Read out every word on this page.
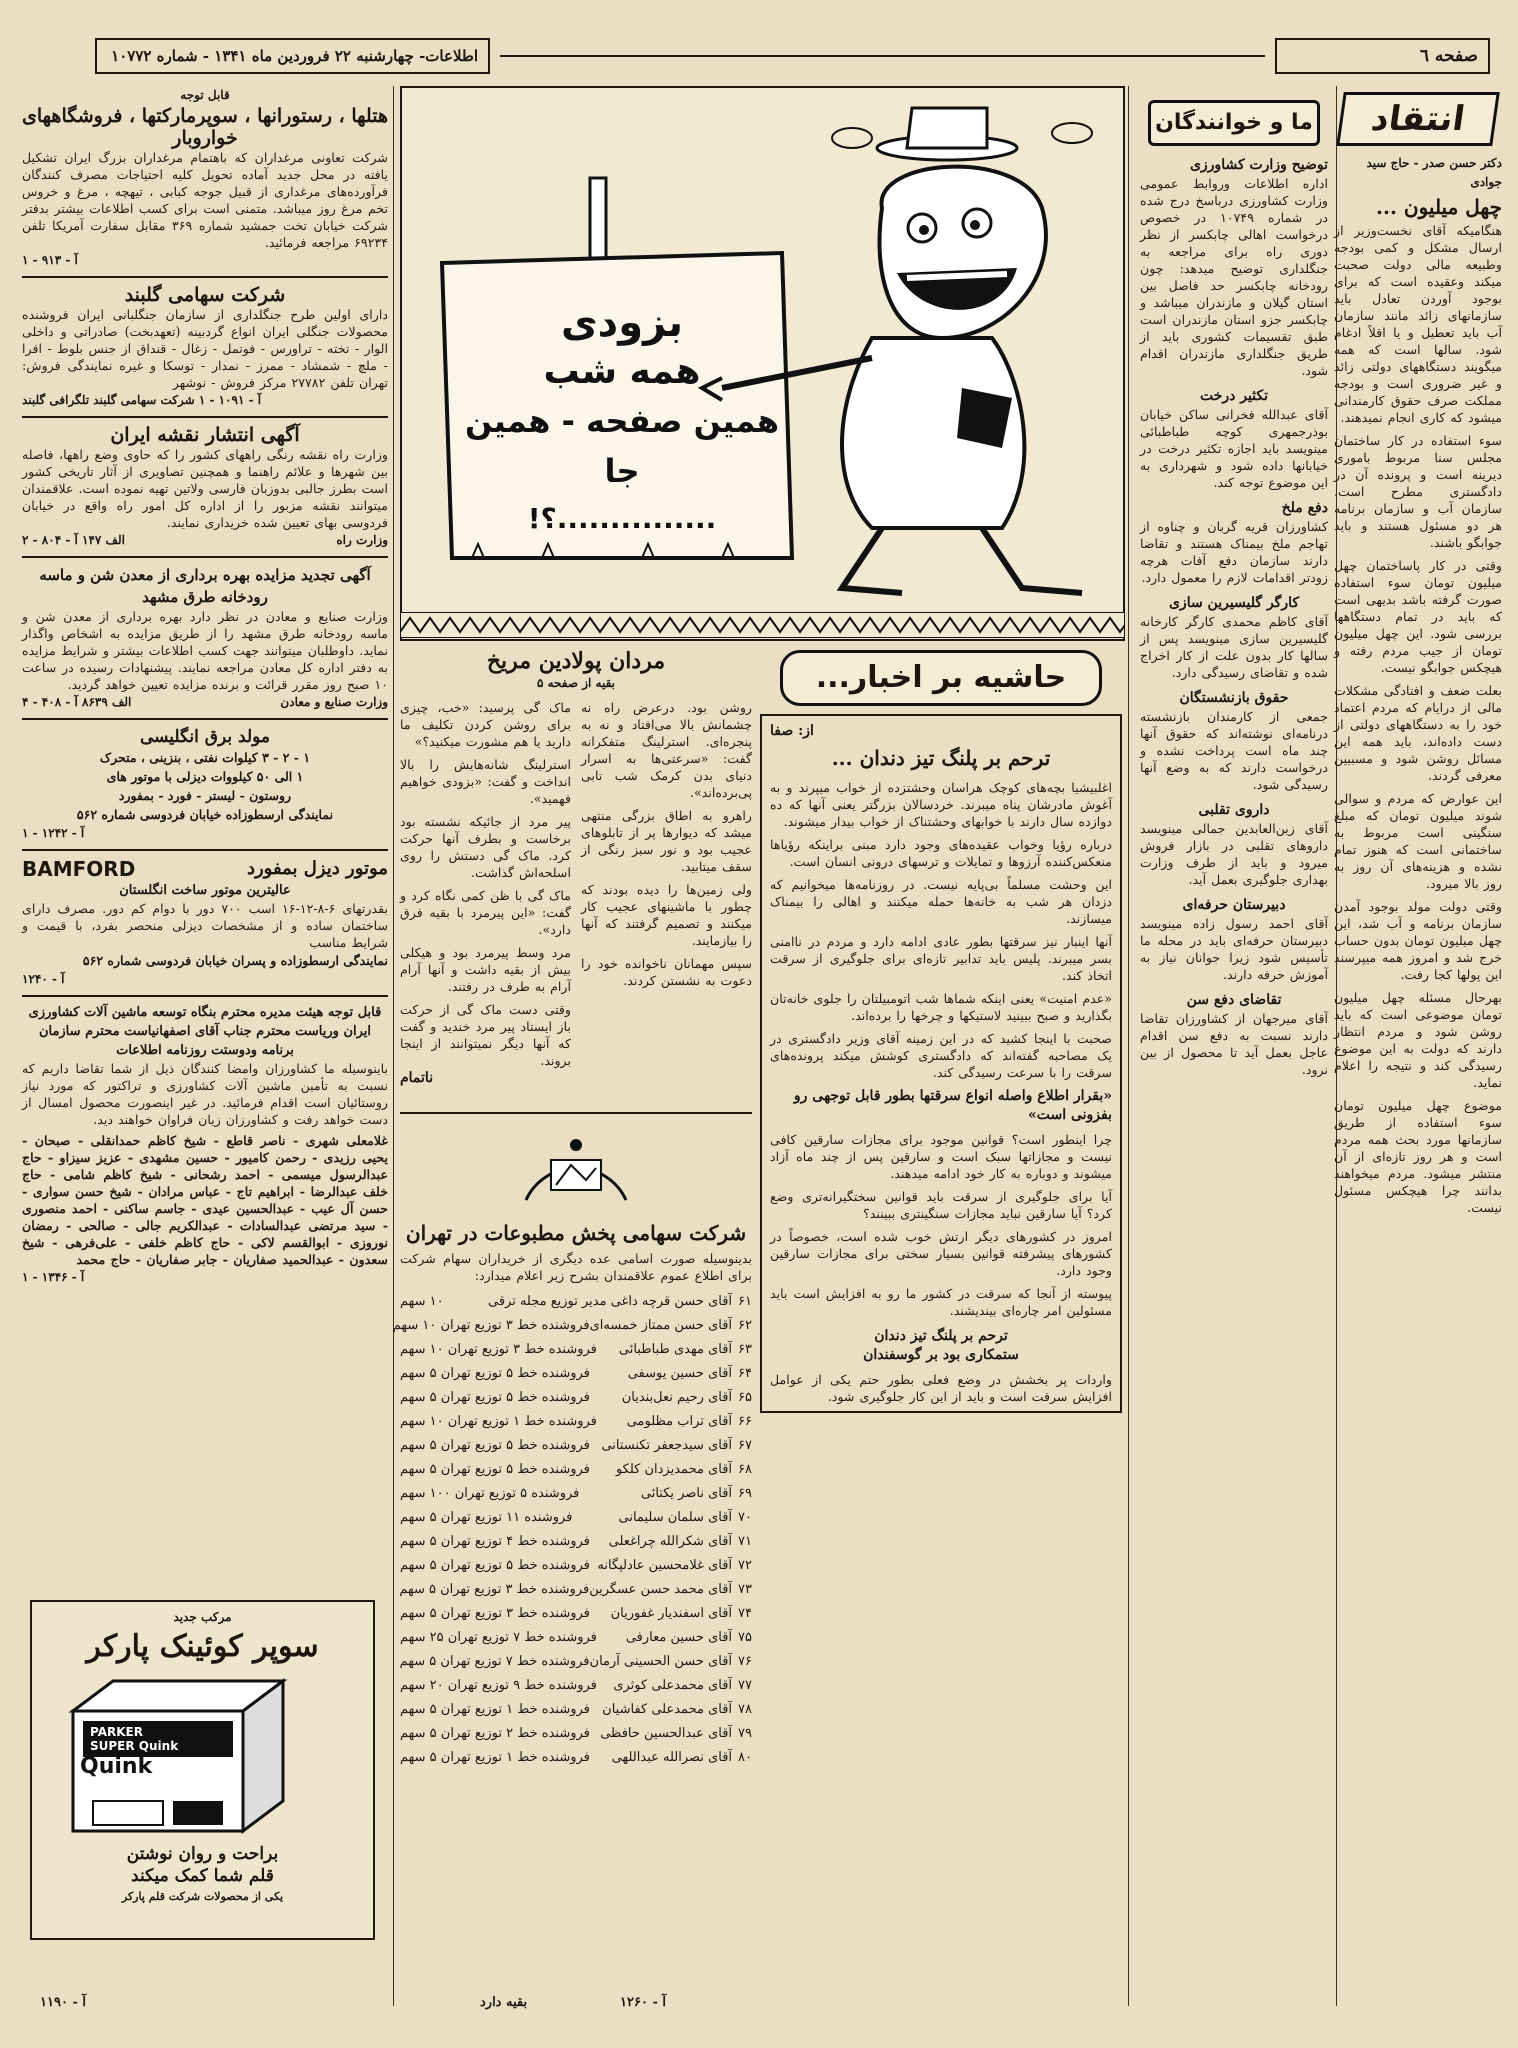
صفحه ٦
اطلاعات- چهارشنبه ۲۲ فروردین ماه ۱۳۴۱ - شماره ۱۰۷۷۲
انتقاد
دکتر حسن صدر - حاج سید جوادی
چهل میلیون ...
هنگامیکه آقای نخست‌وزیر از ارسال مشکل و کمی بودجه وطبیعه مالی دولت صحبت میکند وعقیده است که برای بوجود آوردن تعادل باید سازمانهای زائد مانند سازمان آب باید تعطیل و یا اقلاً ادغام شود. سالها است که همه میگویند دستگاههای دولتی زائد و غیر ضروری است و بودجه مملکت صرف حقوق کارمندانی میشود که کاری انجام نمیدهند.
سوء استفاده در کار ساختمان مجلس سنا مربوط باموری دیرینه است و پرونده آن در دادگستری مطرح است. سازمان آب و سازمان برنامه هر دو مسئول هستند و باید جوابگو باشند.
وقتی در کار پاساختمان چهل میلیون تومان سوء استفاده صورت گرفته باشد بدیهی است که باید در تمام دستگاهها بررسی شود. این چهل میلیون تومان از جیب مردم رفته و هیچکس جوابگو نیست.
بعلت ضعف و افتادگی مشکلات مالی از درایام که مردم اعتماد خود را به دستگاههای دولتی از دست داده‌اند، باید همه این مسائل روشن شود و مسببین معرفی گردند.
این عوارض که مردم و سوالی شوند میلیون تومان که مبلغ سنگینی است مربوط به ساختمانی است که هنوز تمام نشده و هزینه‌های آن روز به روز بالا میرود.
وقتی دولت مولد بوجود آمدن سازمان برنامه و آب شد، این چهل میلیون تومان بدون حساب خرج شد و امروز همه میپرسند این پولها کجا رفت.
بهرحال مسئله چهل میلیون تومان موضوعی است که باید روشن شود و مردم انتظار دارند که دولت به این موضوع رسیدگی کند و نتیجه را اعلام نماید.
موضوع چهل میلیون تومان سوء استفاده از طریق سازمانها مورد بحث همه مردم است و هر روز تازه‌ای از آن منتشر میشود. مردم میخواهند بدانند چرا هیچکس مسئول نیست.
ما و خوانندگان
توضیح وزارت کشاورزی
اداره اطلاعات وروابط عمومی وزارت کشاورزی درباسخ درج شده در شماره ۱۰۷۴۹ در خصوص درخواست اهالی چابکسر از نظر دوری راه برای مراجعه به جنگلداری توضیح میدهد: چون رودخانه چابکسر حد فاصل بین استان گیلان و مازندران میباشد و چابکسر جزو استان مازندران است طبق تقسیمات کشوری باید از طریق جنگلداری مازندران اقدام شود.
تکثیر درخت
آقای عبدالله فخرانی ساکن خیابان بوذرجمهری کوچه طباطبائی مینویسد باید اجازه تکثیر درخت در خیابانها داده شود و شهرداری به این موضوع توجه کند.
دفع ملخ
کشاورزان قریه گربان و چناوه از تهاجم ملخ بیمناک هستند و تقاضا دارند سازمان دفع آفات هرچه زودتر اقدامات لازم را معمول دارد.
کارگر گلیسیرین سازی
آقای کاظم محمدی کارگر کارخانه گلیسیرین سازی مینویسد پس از سالها کار بدون علت از کار اخراج شده و تقاضای رسیدگی دارد.
حقوق بازنشستگان
جمعی از کارمندان بازنشسته درنامه‌ای نوشته‌اند که حقوق آنها چند ماه است پرداخت نشده و درخواست دارند که به وضع آنها رسیدگی شود.
داروی تقلبی
آقای زین‌العابدین جمالی مینویسد داروهای تقلبی در بازار فروش میرود و باید از طرف وزارت بهداری جلوگیری بعمل آید.
دبیرستان حرفه‌ای
آقای احمد رسول زاده مینویسد دبیرستان حرفه‌ای باید در محله ما تأسیس شود زیرا جوانان نیاز به آموزش حرفه دارند.
تقاضای دفع سن
آقای میرجهان از کشاورزان تقاضا دارند نسبت به دفع سن اقدام عاجل بعمل آید تا محصول از بین نرود.
بزودی
همه شب
همین صفحه - همین جا
...............؟!
حاشیه بر اخبار...
از: صفا
ترحم بر پلنگ تیز دندان ...
اغلبیشیا بچه‌های کوچک هراسان وحشتزده از خواب میپرند و به آغوش مادرشان پناه میبرند. خردسالان بزرگتر یعنی آنها که ده دوازده سال دارند با خوابهای وحشتناک از خواب بیدار میشوند.
درباره رؤیا وخواب عقیده‌های وجود دارد مبنی براینکه رؤیاها منعکس‌کننده آرزوها و تمایلات و ترسهای درونی انسان است.
این وحشت مسلماً بی‌پایه نیست. در روزنامه‌ها میخوانیم که دزدان هر شب به خانه‌ها حمله میکنند و اهالی را بیمناک میسازند.
آنها اینبار نیز سرقتها بطور عادی ادامه دارد و مردم در ناامنی بسر میبرند. پلیس باید تدابیر تازه‌ای برای جلوگیری از سرقت اتخاذ کند.
«عدم امنیت» یعنی اینکه شماها شب اتومبیلتان را جلوی خانه‌تان بگذارید و صبح ببینید لاستیکها و چرخها را برده‌اند.
صحبت با اینجا کشید که در این زمینه آقای وزیر دادگستری در یک مصاحبه گفته‌اند که دادگستری کوشش میکند پرونده‌های سرقت را با سرعت رسیدگی کند.
«بقرار اطلاع واصله انواع سرقتها بطور قابل توجهی رو بفزونی است»
چرا اینطور است؟ قوانین موجود برای مجازات سارقین کافی نیست و مجازاتها سبک است و سارقین پس از چند ماه آزاد میشوند و دوباره به کار خود ادامه میدهند.
آیا برای جلوگیری از سرقت باید قوانین سختگیرانه‌تری وضع کرد؟ آیا سارقین نباید مجازات سنگینتری ببینند؟
امروز در کشورهای دیگر ارتش خوب شده است، خصوصاً در کشورهای پیشرفته قوانین بسیار سختی برای مجازات سارقین وجود دارد.
پیوسته از آنجا که سرقت در کشور ما رو به افزایش است باید مسئولین امر چاره‌ای بیندیشند.
ترحم بر پلنگ تیز دندان
ستمکاری بود بر گوسفندان
واردات پر بخشش در وضع فعلی بطور حتم یکی از عوامل افزایش سرقت است و باید از این کار جلوگیری شود.
مردان پولادین مریخ
بقیه از صفحه ۵
روشن بود. درعرض راه نه چشمانش بالا می‌افتاد و نه به پنجره‌ای. استرلینگ متفکرانه گفت: «سرعتی‌ها به اسرار دنیای بدن کرمک شب تابی پی‌برده‌اند».
راهرو به اطاق بزرگی منتهی میشد که دیوارها پر از تابلوهای عجیب بود و نور سبز رنگی از سقف میتابید.
ولی زمین‌ها را دیده بودند که چطور با ماشینهای عجیب کار میکنند و تصمیم گرفتند که آنها را بیازمایند.
سپس مهمانان ناخوانده خود را دعوت به نشستن کردند.
ماک گی پرسید: «خب، چیزی برای روشن کردن تکلیف ما دارید یا هم مشورت میکنید؟»
استرلینگ شانه‌هایش را بالا انداخت و گفت: «بزودی خواهیم فهمید».
پیر مرد از جائیکه نشسته بود برخاست و بطرف آنها حرکت کرد. ماک گی دستش را روی اسلحه‌اش گذاشت.
ماک گی با ظن کمی نگاه کرد و گفت: «این پیرمرد با بقیه فرق دارد».
مرد وسط پیرمرد بود و هیکلی بیش از بقیه داشت و آنها آرام آرام به طرف در رفتند.
وقتی دست ماک گی از حرکت باز ایستاد پیر مرد خندید و گفت که آنها دیگر نمیتوانند از اینجا بروند.
ناتمام
شرکت سهامی پخش مطبوعات در تهران
بدینوسیله صورت اسامی عده دیگری از خریداران سهام شرکت برای اطلاع عموم علاقمندان بشرح زیر اعلام میدارد:
۶۱
آقای حسن قرچه داغی مدیر توزیع مجله ترقی
۱۰ سهم
۶۲
آقای حسن ممتاز خمسه‌ای
فروشنده خط ۳ توزیع تهران ۱۰ سهم
۶۳
آقای مهدی طباطبائی
فروشنده خط ۳ توزیع تهران ۱۰ سهم
۶۴
آقای حسین یوسفی
فروشنده خط ۵ توزیع تهران ۵ سهم
۶۵
آقای رحیم نعل‌بندیان
فروشنده خط ۵ توزیع تهران ۵ سهم
۶۶
آقای تراب مظلومی
فروشنده خط ۱ توزیع تهران ۱۰ سهم
۶۷
آقای سیدجعفر تکنستانی
فروشنده خط ۵ توزیع تهران ۵ سهم
۶۸
آقای محمدیزدان کلکو
فروشنده خط ۵ توزیع تهران ۵ سهم
۶۹
آقای ناصر یکتائی
فروشنده ۵ توزیع تهران ۱۰۰ سهم
۷۰
آقای سلمان سلیمانی
فروشنده ۱۱ توزیع تهران ۵ سهم
۷۱
آقای شکرالله چراغعلی
فروشنده خط ۴ توزیع تهران ۵ سهم
۷۲
آقای غلامحسین عادلپگانه
فروشنده خط ۵ توزیع تهران ۵ سهم
۷۳
آقای محمد حسن عسگرین
فروشنده خط ۳ توزیع تهران ۵ سهم
۷۴
آقای اسفندیار غفوریان
فروشنده خط ۳ توزیع تهران ۵ سهم
۷۵
آقای حسین معارفی
فروشنده خط ۷ توزیع تهران ۲۵ سهم
۷۶
آقای حسن الحسینی آرمان
فروشنده خط ۷ توزیع تهران ۵ سهم
۷۷
آقای محمدعلی کوثری
فروشنده خط ۹ توزیع تهران ۲۰ سهم
۷۸
آقای محمدعلی کفاشیان
فروشنده خط ۱ توزیع تهران ۵ سهم
۷۹
آقای عبدالحسین حافظی
فروشنده خط ۲ توزیع تهران ۵ سهم
۸۰
آقای نصرالله عبداللهی
فروشنده خط ۱ توزیع تهران ۵ سهم
قابل توجه
هتلها ، رستورانها ، سوپرمارکتها ، فروشگاههای خواروبار
شرکت تعاونی مرغداران که باهتمام مرغداران بزرگ ایران تشکیل یافته در محل جدید آماده تحویل کلیه احتیاجات مصرف کنندگان فرآورده‌های مرغداری از قبیل جوجه کبابی ، تیهچه ، مرغ و خروس تخم مرغ روز میباشد. متمنی است برای کسب اطلاعات بیشتر بدفتر شرکت خیابان تخت جمشید شماره ۳۶۹ مقابل سفارت آمریکا تلفن ۶۹۲۳۴ مراجعه فرمائید.
آ - ۹۱۳ - ۱
شرکت سهامی گلبند
دارای اولین طرح جنگلداری از سازمان جنگلبانی ایران فروشنده محصولات جنگلی ایران انواع گردبینه (تعهدبخت) صادراتی و داخلی الوار - تخته - تراورس - فوتمل - زغال - قنداق از جنس بلوط - افرا - ملچ - شمشاد - ممرز - نمدار - توسکا و غیره نمایندگی فروش: تهران تلفن ۲۷۷۸۲ مرکز فروش - نوشهر
آ - ۱۰۹۱ - ۱ شرکت سهامی گلبند تلگرافی گلبند
آگهی انتشار نقشه ایران
وزارت راه نقشه رنگی راههای کشور را که حاوی وضع راهها، فاصله بین شهرها و علائم راهنما و همچنین تصاویری از آثار تاریخی کشور است بطرز جالبی بدوزبان فارسی ولاتین تهیه نموده است. علاقمندان میتوانند نقشه مزبور را از اداره کل امور راه واقع در خیابان فردوسی بهای تعیین شده خریداری نمایند.
وزارت راه
الف ۱۴۷ آ - ۸۰۴ - ۲
آگهی تجدید مزایده بهره برداری از معدن شن و ماسه رودخانه طرق مشهد
وزارت صنایع و معادن در نظر دارد بهره برداری از معدن شن و ماسه رودخانه طرق مشهد را از طریق مزایده به اشخاص واگذار نماید. داوطلبان میتوانند جهت کسب اطلاعات بیشتر و شرایط مزایده به دفتر اداره کل معادن مراجعه نمایند. پیشنهادات رسیده در ساعت ۱۰ صبح روز مقرر قرائت و برنده مزایده تعیین خواهد گردید.
وزارت صنایع و معادن
الف ۸۶۳۹ آ - ۴۰۸ - ۴
مولد برق انگلیسی
۱ - ۲ - ۳ کیلوات نفتی ، بنزینی ، متحرک
۱ الی ۵۰ کیلووات دیزلی با موتور های
روستون - لیستر - فورد - بمفورد
نمایندگی ارسطوزاده خیابان فردوسی شماره ۵۶۲
آ - ۱۲۴۲ - ۱
موتور دیزل بمفورد
BAMFORD
عالیترین موتور ساخت انگلستان
بقدرتهای ۶-۸-۱۲-۱۶ اسب ۷۰۰ دور با دوام کم دور. مصرف دارای ساختمان ساده و از مشخصات دیزلی منحصر بفرد، با قیمت و شرایط مناسب
نمایندگی ارسطوزاده و پسران خیابان فردوسی شماره ۵۶۲
آ - ۱۲۴۰
قابل توجه هیئت مدیره محترم بنگاه توسعه ماشین آلات کشاورزی ایران وریاست محترم جناب آقای اصفهانیاست محترم سازمان برنامه ودوستت روزنامه اطلاعات
باینوسیله ما کشاورزان وامضا کنندگان ذیل از شما تقاضا داریم که نسبت به تأمین ماشین آلات کشاورزی و تراکتور که مورد نیاز روستائیان است اقدام فرمائید. در غیر اینصورت محصول امسال از دست خواهد رفت و کشاورزان زیان فراوان خواهند دید.
غلامعلی شهری - ناصر قاطع - شیخ کاظم حمدانقلی - صبحان - یحیی رزیدی - رحمن کامیور - حسین مشهدی - عزیز سیزاو - حاج عبدالرسول میسمی - احمد رشحانی - شیخ کاظم شامی - حاج خلف عبدالرضا - ابراهیم تاج - عباس مرادان - شیخ حسن سواری - حسن آل عیب - عبدالحسین عیدی - جاسم ساکنی - احمد منصوری - سید مرتضی عبدالسادات - عبدالکریم جالی - صالحی - رمضان نوروزی - ابوالقسم لاکی - حاج کاظم خلفی - علی‌فرهی - شیخ سعدون - عبدالحمید صفاریان - جابر صفاریان - حاج محمد
آ - ۱۳۴۶ - ۱
مرکب جدید
سوپر کوئینک پارکر
PARKER
SUPER Quink
Quink
براحت و روان نوشتن
قلم شما کمک میکند
یکی از محصولات شرکت قلم پارکر
آ - ۱۱۹۰	بقیه دارد	آ - ۱۲۶۰
